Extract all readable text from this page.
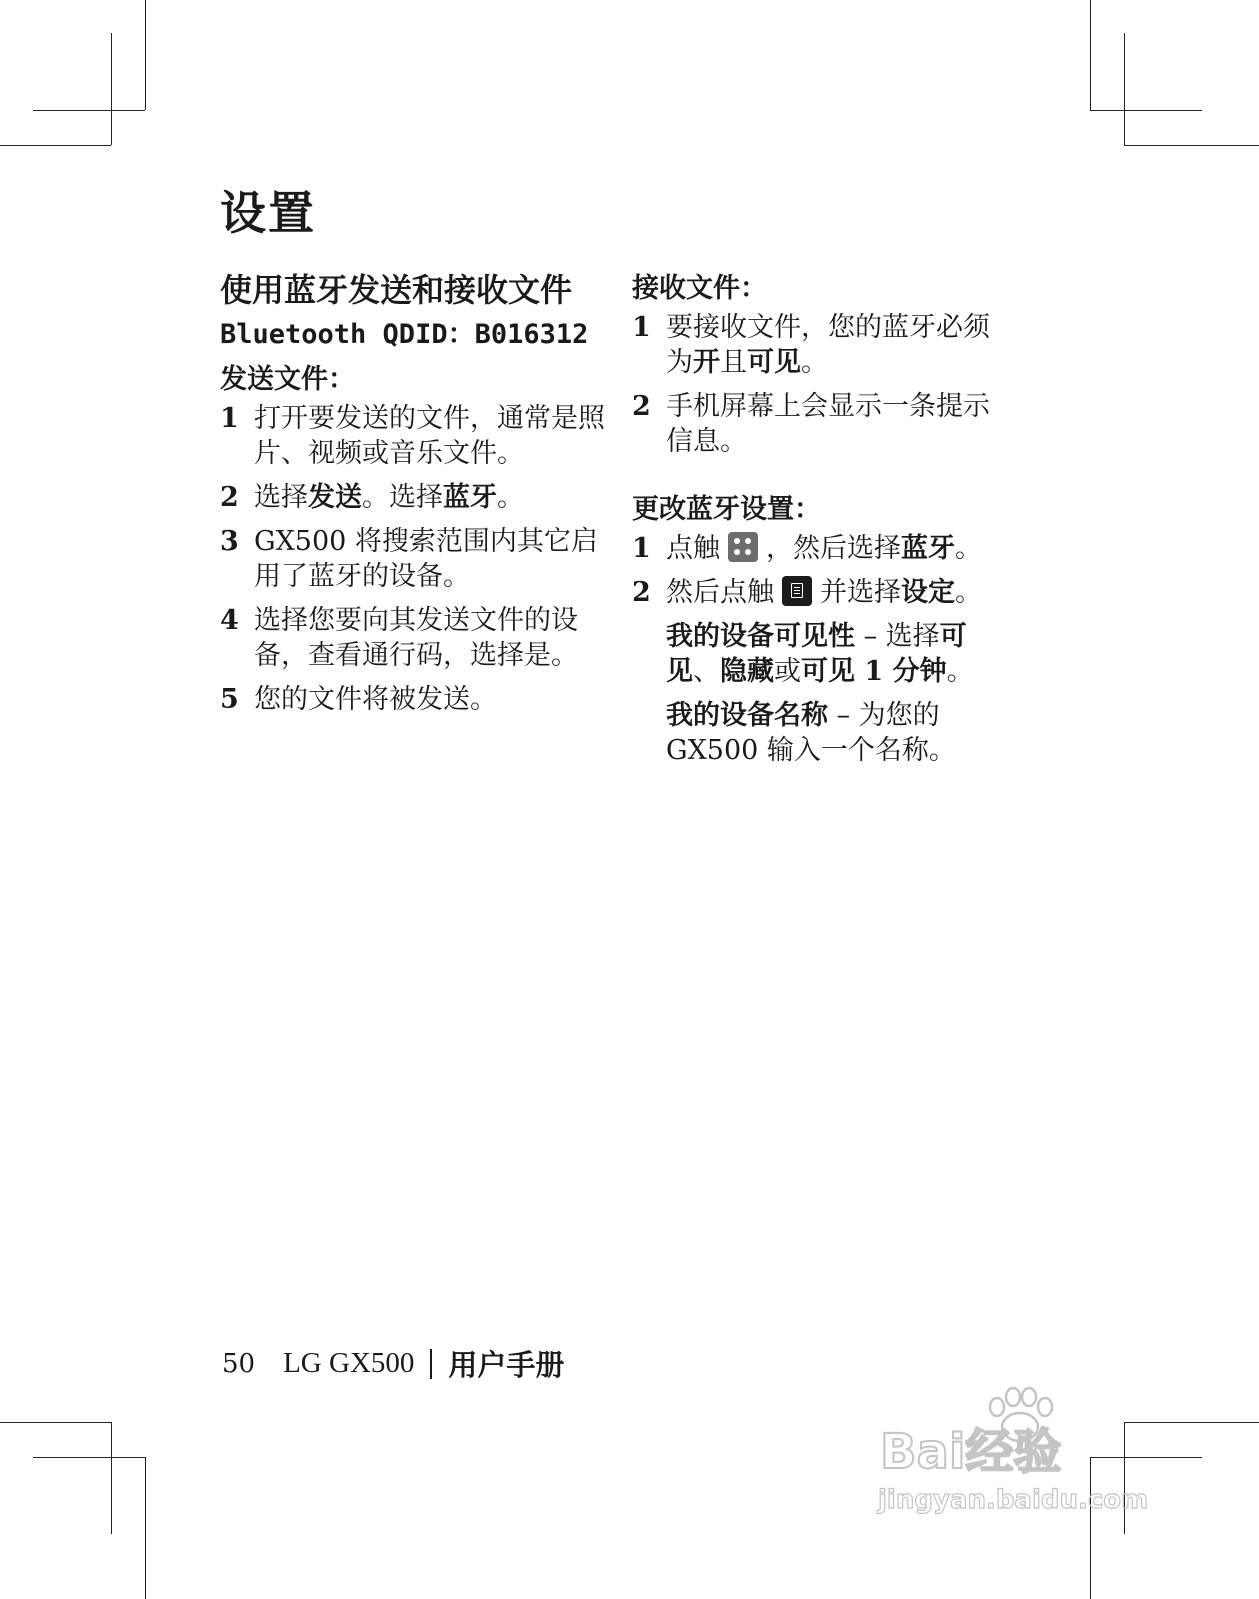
设置
使用蓝牙发送和接收文件
Bluetooth QDID：B016312
发送文件：
1 打开要发送的文件，通常是照片、视频或音乐文件。
2 选择发送。选择蓝牙。
3 GX500 将搜索范围内其它启用了蓝牙的设备。
4 选择您要向其发送文件的设备，查看通行码，选择是。
5 您的文件将被发送。
接收文件：
1 要接收文件，您的蓝牙必须为开且可见。
2 手机屏幕上会显示一条提示信息。
更改蓝牙设置：
1 点触 ，然后选择蓝牙。
2 然后点触 并选择设定。
我的设备可见性 – 选择可见、隐藏或可见 1 分钟。
我的设备名称 – 为您的 GX500 输入一个名称。
50 LG GX500 用户手册
Bai经验
jingyan.baidu.com
